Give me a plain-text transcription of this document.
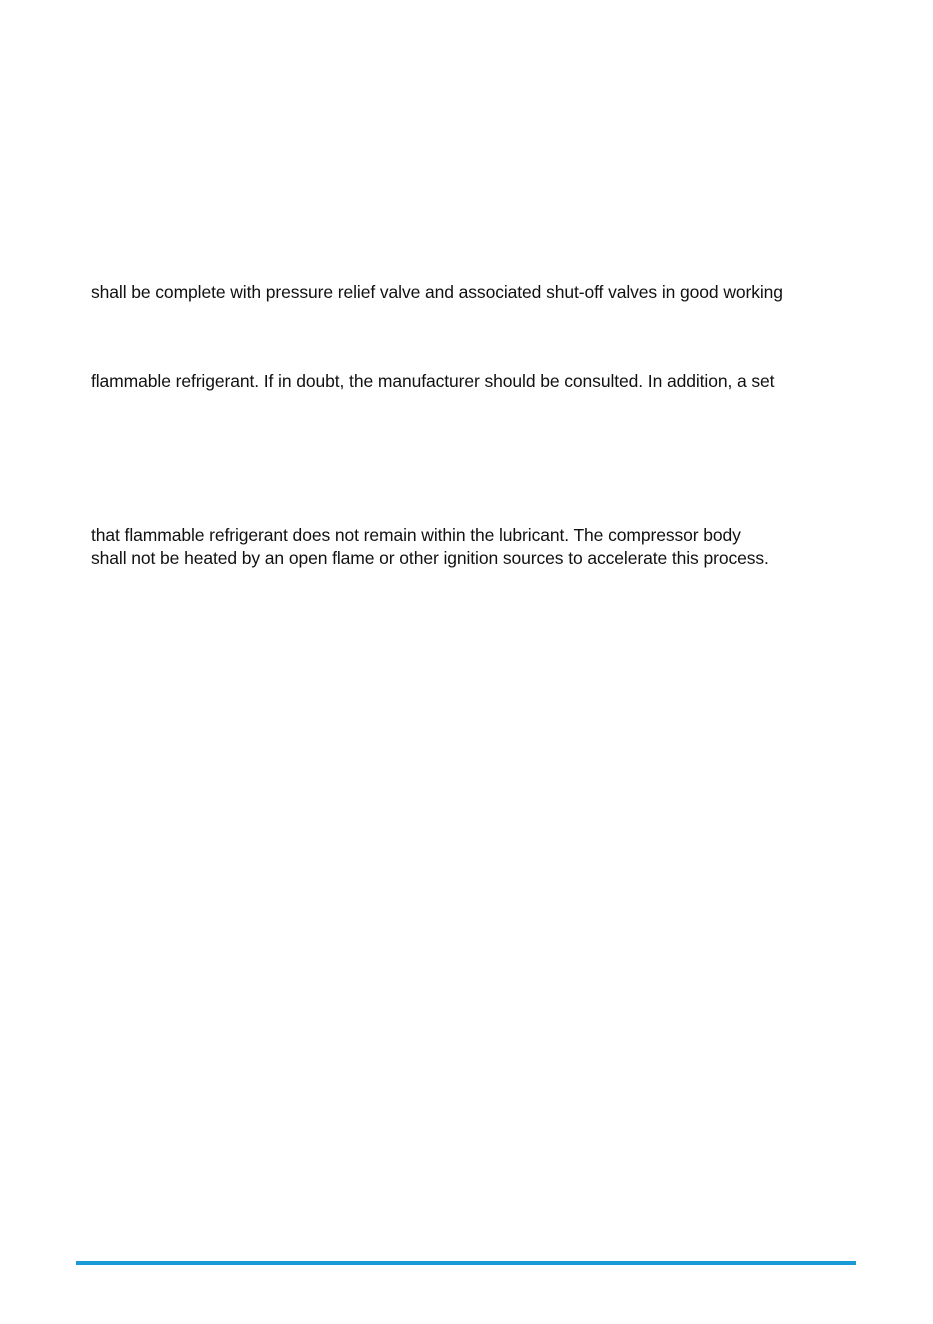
shall be complete with pressure relief valve and associated shut-off valves in good working
flammable refrigerant. If in doubt, the manufacturer should be consulted. In addition, a set
that flammable refrigerant does not remain within the lubricant. The compressor body
shall not be heated by an open flame or other ignition sources to accelerate this process.
